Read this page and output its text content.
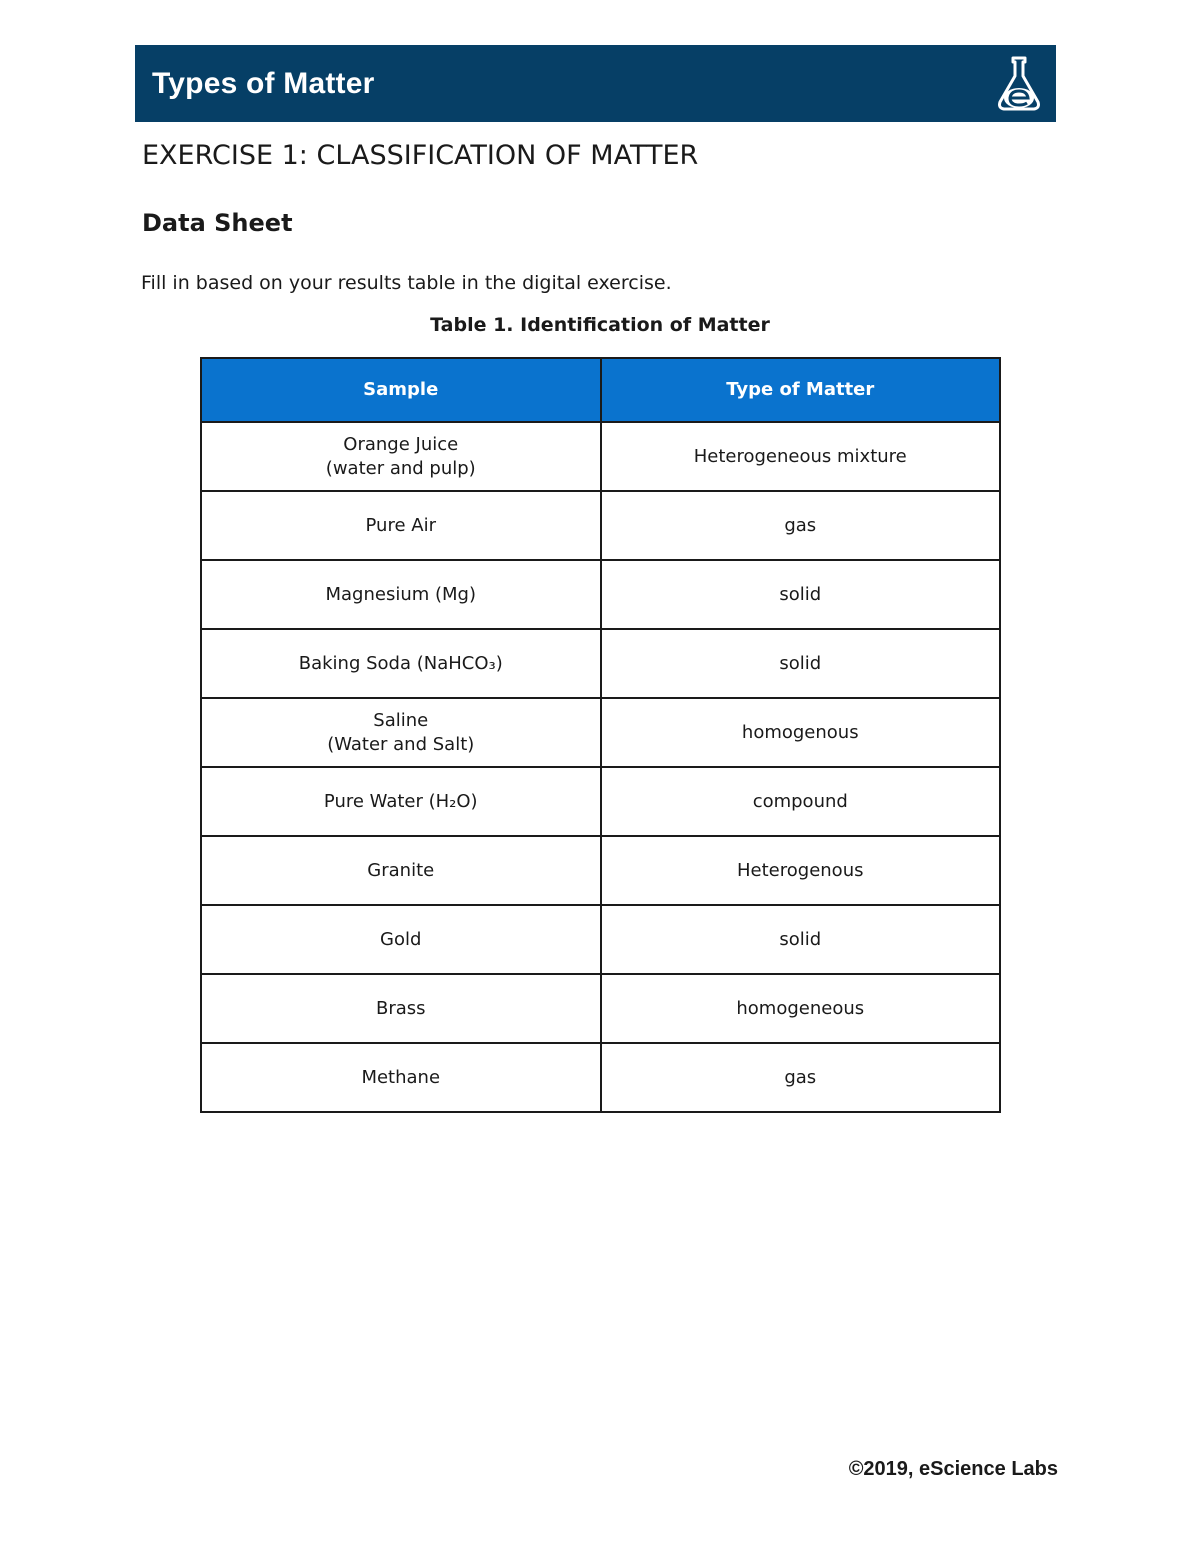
Types of Matter
EXERCISE 1: CLASSIFICATION OF MATTER
Data Sheet

Fill in based on your results table in the digital exercise.

Table 1. Identification of Matter
Sample	Type of Matter

Orange Juice
(water and pulp)	Heterogeneous mixture

Pure Air	gas

Magnesium (Mg)	solid

Baking Soda (NaHCO₃)	solid

Saline
(Water and Salt)	homogenous

Pure Water (H₂O)	compound

Granite	Heterogenous

Gold	solid

Brass	homogeneous

Methane	gas
©2019, eScience Labs
